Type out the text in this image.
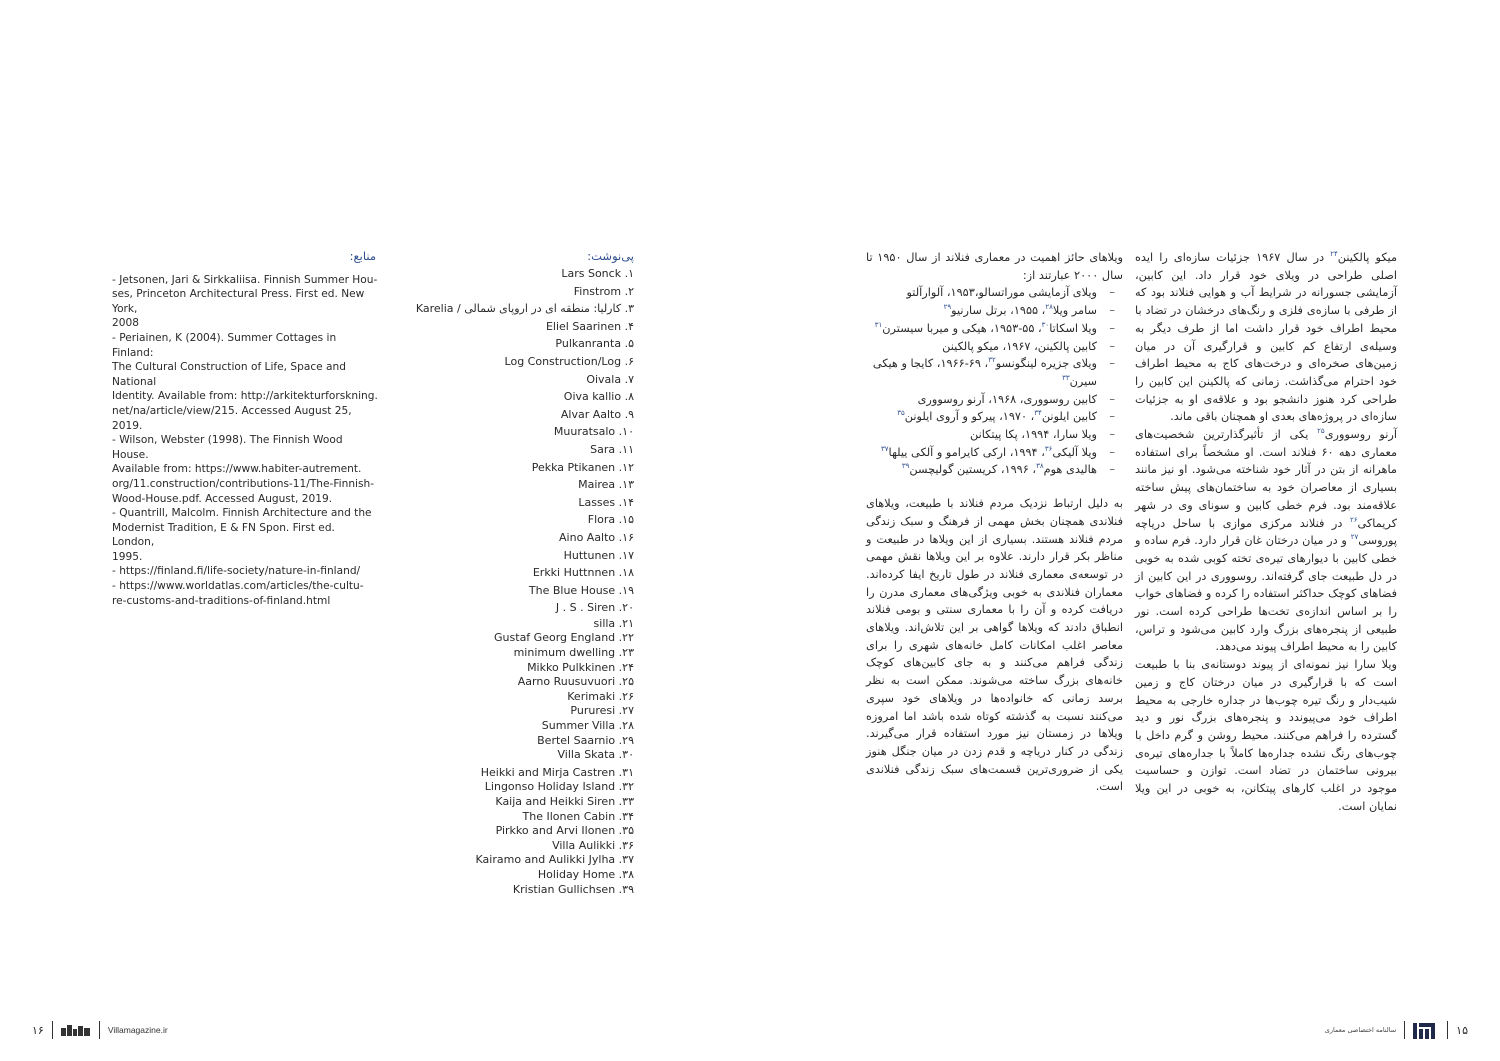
میکو پالکینن$^{۲۴}$ در سال ۱۹۶۷ جزئیات سازه‌ای را ایده اصلی طراحی در ویلای خود قرار داد. این کابین، آزمایشی جسورانه در شرایط آب و هوایی فنلاند بود که از طرفی با سازه‌ی فلزی و رنگ‌های درخشان در تضاد با محیط اطراف خود قرار داشت اما از طرف دیگر به وسیله‌ی ارتفاع کم کابین و قرارگیری آن در میان زمین‌های صخره‌ای و درخت‌های کاج به محیط اطراف خود احترام می‌گذاشت. زمانی که پالکینن این کابین را طراحی کرد هنوز دانشجو بود و علاقه‌ی او به جزئیات سازه‌ای در پروژه‌های بعدی او همچنان باقی ماند.

آرنو روسووری$^{۲۵}$ یکی از تأثیرگذارترین شخصیت‌های معماری دهه ۶۰ فنلاند است. او مشخصاً برای استفاده ماهرانه از بتن در آثار خود شناخته می‌شود. او نیز مانند بسیاری از معاصران خود به ساختمان‌های پیش ساخته علاقه‌مند بود. فرم خطی کابین و سونای وی در شهر کریماکی$^{۲۶}$ در فنلاند مرکزی موازی با ساحل دریاچه پوروسی$^{۲۷}$ و در میان درختان غان قرار دارد. فرم ساده و خطی کابین با دیوارهای تیره‌ی تخته کوبی شده به خوبی در دل طبیعت جای گرفته‌اند. روسووری در این کابین از فضاهای کوچک حداکثر استفاده را کرده و فضاهای خواب را بر اساس اندازه‌ی تخت‌ها طراحی کرده است. نور طبیعی از پنجره‌های بزرگ وارد کابین می‌شود و تراس، کابین را به محیط اطراف پیوند می‌دهد.

ویلا سارا نیز نمونه‌ای از پیوند دوستانه‌ی بنا با طبیعت است که با قرارگیری در میان درختان کاج و زمین شیب‌دار و رنگ تیره چوب‌ها در جداره خارجی به محیط اطراف خود می‌پیوندد و پنجره‌های بزرگ نور و دید گسترده را فراهم می‌کنند. محیط روشن و گرم داخل با چوب‌های رنگ نشده جداره‌ها کاملاً با جداره‌های تیره‌ی بیرونی ساختمان در تضاد است. توازن و حساسیت موجود در اغلب کارهای پیتکانن، به خوبی در این ویلا نمایان است.

ویلاهای حائز اهمیت در معماری فنلاند از سال ۱۹۵۰ تا سال ۲۰۰۰ عبارتند از:

– ویلای آزمایشی موراتسالو،۱۹۵۳، آلوارآلتو
– سامر ویلا$^{۲۸}$، ۱۹۵۵، برتل سارنیو$^{۲۹}$
– ویلا اسکاتا$^{۳۰}$، ۵۵-۱۹۵۳، هیکی و میربا سیسترن$^{۳۱}$
– کابین پالکینن، ۱۹۶۷، میکو پالکینن
– ویلای جزیره لینگونسو$^{۳۲}$، ۶۹-۱۹۶۶، کایجا و هیکی سیرن$^{۳۳}$
– کابین روسووری، ۱۹۶۸، آرنو روسووری
– کابین ایلونن$^{۳۴}$، ۱۹۷۰، پیرکو و آروی ایلونن$^{۳۵}$
– ویلا سارا، ۱۹۹۴، پکا پیتکانن
– ویلا آلیکی$^{۳۶}$، ۱۹۹۴، ارکی کایرامو و آلکی ییلها$^{۳۷}$
– هالیدی هوم$^{۳۸}$، ۱۹۹۶، کریستین گولیچسن$^{۳۹}$

به دلیل ارتباط نزدیک مردم فنلاند با طبیعت، ویلاهای فنلاندی همچنان بخش مهمی از فرهنگ و سبک زندگی مردم فنلاند هستند. بسیاری از این ویلاها در طبیعت و مناظر بکر قرار دارند. علاوه بر این ویلاها نقش مهمی در توسعه‌ی معماری فنلاند در طول تاریخ ایفا کرده‌اند. معماران فنلاندی به خوبی ویژگی‌های معماری مدرن را دریافت کرده و آن را با معماری سنتی و بومی فنلاند انطباق دادند که ویلاها گواهی بر این تلاش‌اند. ویلاهای معاصر اغلب امکانات کامل خانه‌های شهری را برای زندگی فراهم می‌کنند و به جای کابین‌های کوچک خانه‌های بزرگ ساخته می‌شوند. ممکن است به نظر برسد زمانی که خانواده‌ها در ویلاهای خود سپری می‌کنند نسبت به گذشته کوتاه شده باشد اما امروزه ویلاها در زمستان نیز مورد استفاده قرار می‌گیرند. زندگی در کنار دریاچه و قدم زدن در میان جنگل هنوز یکی از ضروری‌ترین قسمت‌های سبک زندگی فنلاندی است.

پی‌نوشت:
۱. Lars Sonck
۲. Finstrom
۳. Karelia / کارلیا: منطقه ای در اروپای شمالی
۴. Eliel Saarinen
۵. Pulkanranta
۶. Log Construction/Log
۷. Oivala
۸. Oiva kallio
۹. Alvar Aalto
۱۰. Muuratsalo
۱۱. Sara
۱۲. Pekka Ptikanen
۱۳. Mairea
۱۴. Lasses
۱۵. Flora
۱۶. Aino Aalto
۱۷. Huttunen
۱۸. Erkki Huttnnen
۱۹. The Blue House
۲۰. J . S . Siren
۲۱. silla
۲۲. Gustaf Georg England
۲۳. minimum dwelling
۲۴. Mikko Pulkkinen
۲۵. Aarno Ruusuvuori
۲۶. Kerimaki
۲۷. Pururesi
۲۸. Summer Villa
۲۹. Bertel Saarnio
۳۰. Villa Skata
۳۱. Heikki and Mirja Castren
۳۲. Lingonso Holiday Island
۳۳. Kaija and Heikki Siren
۳۴. The Ilonen Cabin
۳۵. Pirkko and Arvi Ilonen
۳۶. Villa Aulikki
۳۷. Kairamo and Aulikki Jylha
۳۸. Holiday Home
۳۹. Kristian Gullichsen
منابع:
- Jetsonen, Jari & Sirkkaliisa. Finnish Summer Hou-
ses, Princeton Architectural Press. First ed. New York,
2008
- Periainen, K (2004). Summer Cottages in Finland:
The Cultural Construction of Life, Space and National
Identity. Available from: http://arkitekturforskning.
net/na/article/view/215. Accessed August 25, 2019.
- Wilson, Webster (1998). The Finnish Wood House.
Available from: https://www.habiter-autrement.
org/11.construction/contributions-11/The-Finnish-
Wood-House.pdf. Accessed August, 2019.
- Quantrill, Malcolm. Finnish Architecture and the
Modernist Tradition, E & FN Spon. First ed. London,
1995.
- https://finland.fi/life-society/nature-in-finland/
- https://www.worldatlas.com/articles/the-cultu-
re-customs-and-traditions-of-finland.html
۱۶	Villamagazine.ir	سالنامه اختصاصی معماری	۱۵
